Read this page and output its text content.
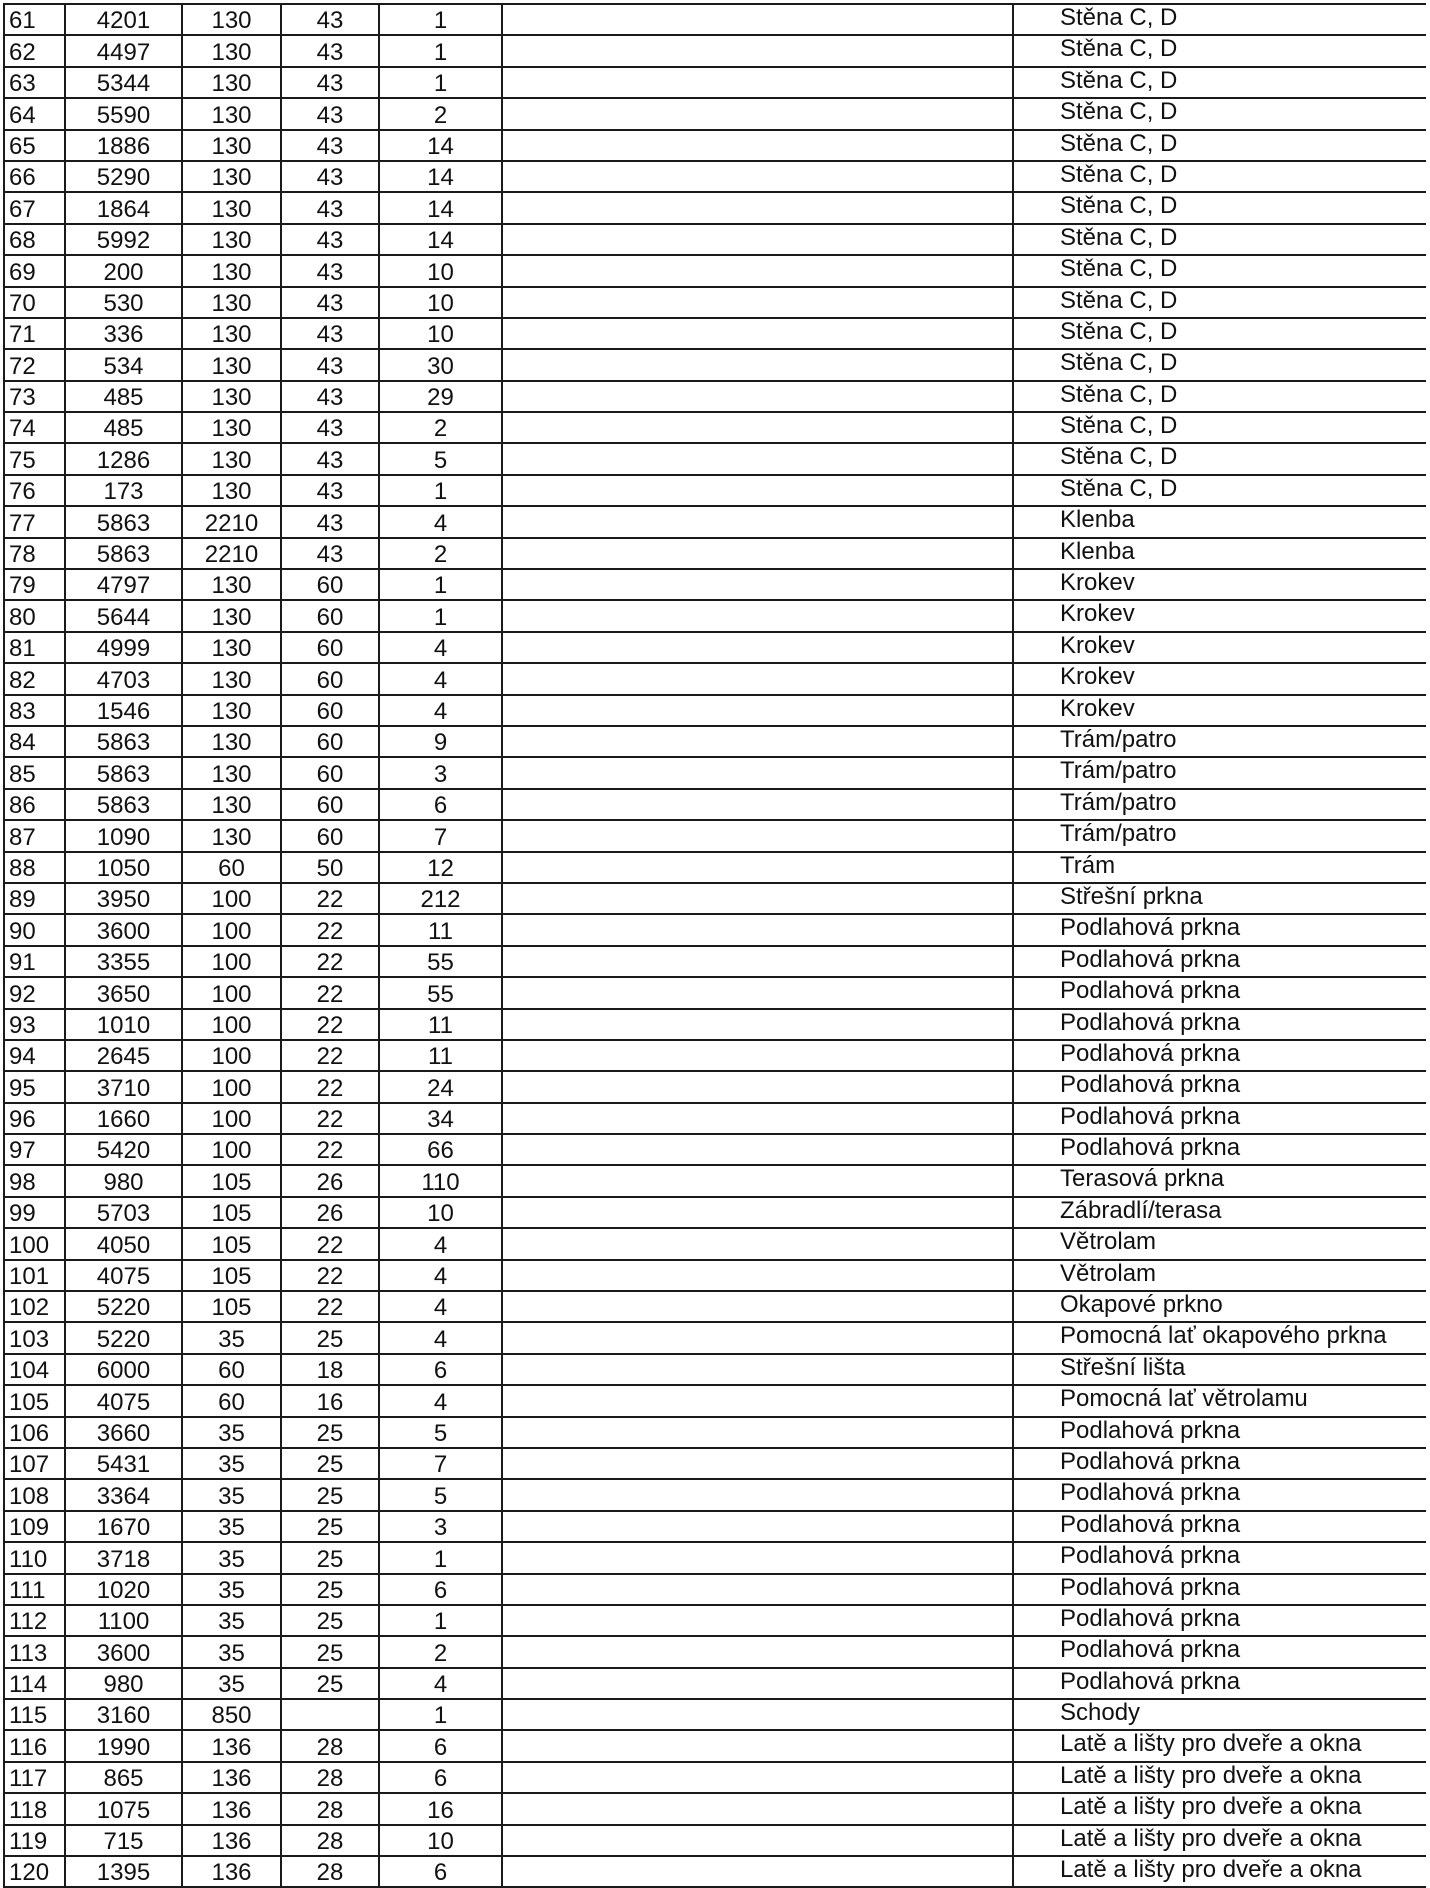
61	4201	130	43	1		Stěna C, D
62	4497	130	43	1		Stěna C, D
63	5344	130	43	1		Stěna C, D
64	5590	130	43	2		Stěna C, D
65	1886	130	43	14		Stěna C, D
66	5290	130	43	14		Stěna C, D
67	1864	130	43	14		Stěna C, D
68	5992	130	43	14		Stěna C, D
69	200	130	43	10		Stěna C, D
70	530	130	43	10		Stěna C, D
71	336	130	43	10		Stěna C, D
72	534	130	43	30		Stěna C, D
73	485	130	43	29		Stěna C, D
74	485	130	43	2		Stěna C, D
75	1286	130	43	5		Stěna C, D
76	173	130	43	1		Stěna C, D
77	5863	2210	43	4		Klenba
78	5863	2210	43	2		Klenba
79	4797	130	60	1		Krokev
80	5644	130	60	1		Krokev
81	4999	130	60	4		Krokev
82	4703	130	60	4		Krokev
83	1546	130	60	4		Krokev
84	5863	130	60	9		Trám/patro
85	5863	130	60	3		Trám/patro
86	5863	130	60	6		Trám/patro
87	1090	130	60	7		Trám/patro
88	1050	60	50	12		Trám
89	3950	100	22	212		Střešní prkna
90	3600	100	22	11		Podlahová prkna
91	3355	100	22	55		Podlahová prkna
92	3650	100	22	55		Podlahová prkna
93	1010	100	22	11		Podlahová prkna
94	2645	100	22	11		Podlahová prkna
95	3710	100	22	24		Podlahová prkna
96	1660	100	22	34		Podlahová prkna
97	5420	100	22	66		Podlahová prkna
98	980	105	26	110		Terasová prkna
99	5703	105	26	10		Zábradlí/terasa
100	4050	105	22	4		Větrolam
101	4075	105	22	4		Větrolam
102	5220	105	22	4		Okapové prkno
103	5220	35	25	4		Pomocná lať okapového prkna
104	6000	60	18	6		Střešní lišta
105	4075	60	16	4		Pomocná lať větrolamu
106	3660	35	25	5		Podlahová prkna
107	5431	35	25	7		Podlahová prkna
108	3364	35	25	5		Podlahová prkna
109	1670	35	25	3		Podlahová prkna
110	3718	35	25	1		Podlahová prkna
111	1020	35	25	6		Podlahová prkna
112	1100	35	25	1		Podlahová prkna
113	3600	35	25	2		Podlahová prkna
114	980	35	25	4		Podlahová prkna
115	3160	850		1		Schody
116	1990	136	28	6		Latě a lišty pro dveře a okna
117	865	136	28	6		Latě a lišty pro dveře a okna
118	1075	136	28	16		Latě a lišty pro dveře a okna
119	715	136	28	10		Latě a lišty pro dveře a okna
120	1395	136	28	6		Latě a lišty pro dveře a okna
